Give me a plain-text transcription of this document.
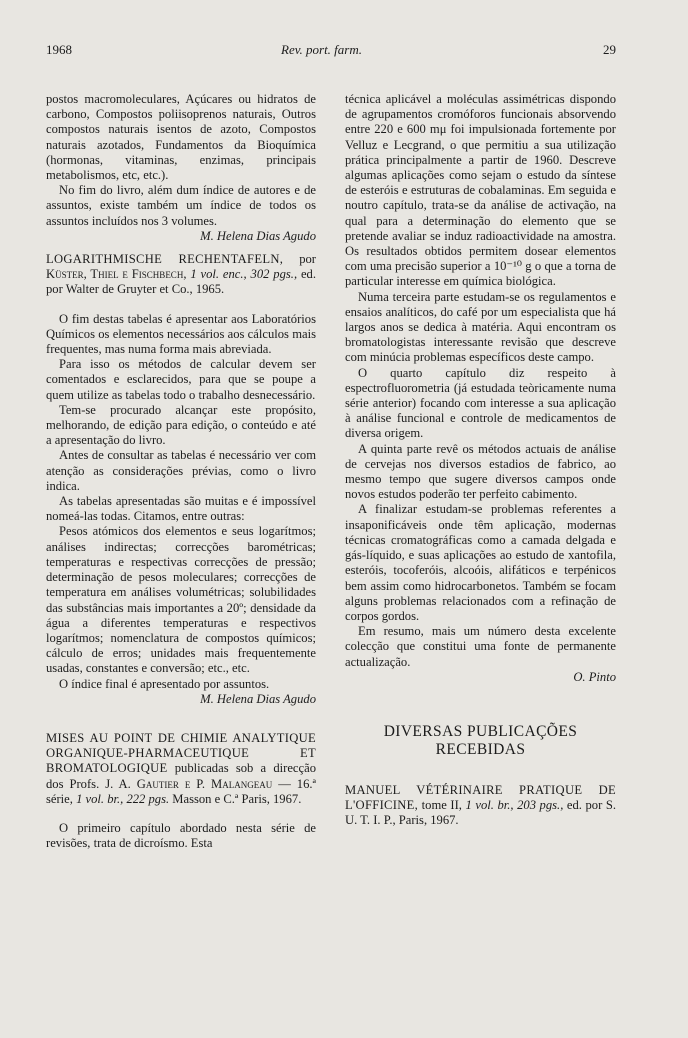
1968	Rev. port. farm.	29

postos macromoleculares, Açúcares ou hidratos de carbono, Compostos poliisoprenos naturais, Outros compostos naturais isentos de azoto, Compostos naturais azotados, Fundamentos da Bioquímica (hormonas, vitaminas, enzimas, principais metabolismos, etc, etc.).

No fim do livro, além dum índice de autores e de assuntos, existe também um índice de todos os assuntos incluídos nos 3 volumes.

M. Helena Dias Agudo

LOGARITHMISCHE RECHENTAFELN, por Küster, Thiel e Fischbech, 1 vol. enc., 302 pgs., ed. por Walter de Gruyter et Co., 1965.

O fim destas tabelas é apresentar aos Laboratórios Químicos os elementos necessários aos cálculos mais frequentes, mas numa forma mais abreviada.

Para isso os métodos de calcular devem ser comentados e esclarecidos, para que se poupe a quem utilize as tabelas todo o trabalho desnecessário.

Tem-se procurado alcançar este propósito, melhorando, de edição para edição, o conteúdo e até a apresentação do livro.

Antes de consultar as tabelas é necessário ver com atenção as considerações prévias, como o livro indica.

As tabelas apresentadas são muitas e é impossível nomeá-las todas. Citamos, entre outras:

Pesos atómicos dos elementos e seus logarítmos; análises indirectas; correcções barométricas; temperaturas e respectivas correcções de pressão; determinação de pesos moleculares; correcções de temperatura em análises volumétricas; solubilidades das substâncias mais importantes a 20º; densidade da água a diferentes temperaturas e respectivos logarítmos; nomenclatura de compostos químicos; cálculo de erros; unidades mais frequentemente usadas, constantes e conversão; etc., etc.

O índice final é apresentado por assuntos.

M. Helena Dias Agudo

MISES AU POINT DE CHIMIE ANALYTIQUE ORGANIQUE-PHARMACEUTIQUE ET BROMATOLOGIQUE publicadas sob a direcção dos Profs. J. A. Gautier e P. Malangeau — 16.ª série, 1 vol. br., 222 pgs. Masson e C.ª Paris, 1967.

O primeiro capítulo abordado nesta série de revisões, trata de dicroísmo. Esta

técnica aplicável a moléculas assimétricas dispondo de agrupamentos cromóforos funcionais absorvendo entre 220 e 600 mμ foi impulsionada fortemente por Velluz e Lecgrand, o que permitiu a sua utilização prática principalmente a partir de 1960. Descreve algumas aplicações como sejam o estudo da síntese de esteróis e estruturas de cobalaminas. Em seguida e noutro capítulo, trata-se da análise de activação, na qual para a determinação do elemento que se pretende avaliar se induz radioactividade na amostra. Os resultados obtidos permitem dosear elementos com uma precisão superior a 10⁻¹⁰ g o que a torna de particular interesse em química biológica.

Numa terceira parte estudam-se os regulamentos e ensaios analíticos, do café por um especialista que há largos anos se dedica à matéria. Aqui encontram os bromatologistas interessante revisão que descreve com minúcia problemas específicos deste campo.

O quarto capítulo diz respeito à espectrofluorometria (já estudada teòricamente numa série anterior) focando com interesse a sua aplicação à análise funcional e controle de medicamentos de diversa origem.

A quinta parte revê os métodos actuais de análise de cervejas nos diversos estadios de fabrico, ao mesmo tempo que sugere diversos campos onde novos estudos poderão ter perfeito cabimento.

A finalizar estudam-se problemas referentes a insaponificáveis onde têm aplicação, modernas técnicas cromatográficas como a camada delgada e gás-líquido, e suas aplicações ao estudo de xantofila, esteróis, tocoferóis, alcoóis, alifáticos e terpénicos bem assim como hidrocarbonetos. Também se focam alguns problemas relacionados com a refinação de corpos gordos.

Em resumo, mais um número desta excelente colecção que constitui uma fonte de permanente actualização.

O. Pinto

DIVERSAS PUBLICAÇÕES RECEBIDAS

MANUEL VÉTÉRINAIRE PRATIQUE DE L'OFFICINE, tome II, 1 vol. br., 203 pgs., ed. por S. U. T. I. P., Paris, 1967.
